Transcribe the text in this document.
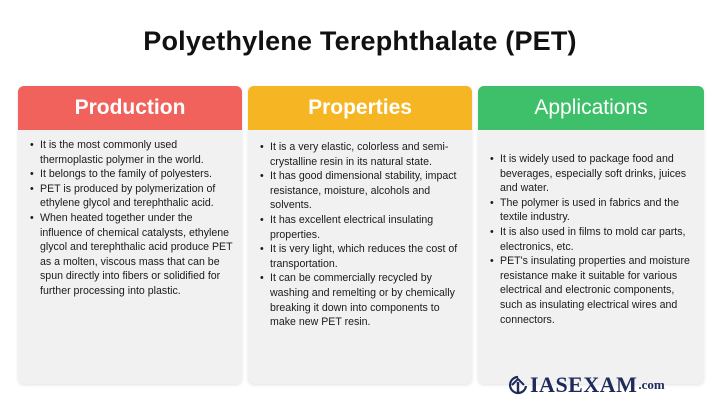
Polyethylene Terephthalate (PET)
Production
• It is the most commonly used thermoplastic polymer in the world.
• It belongs to the family of polyesters.
• PET is produced by polymerization of ethylene glycol and terephthalic acid.
• When heated together under the influence of chemical catalysts, ethylene glycol and terephthalic acid produce PET as a molten, viscous mass that can be spun directly into fibers or solidified for further processing into plastic.
Properties
• It is a very elastic, colorless and semi-crystalline resin in its natural state.
• It has good dimensional stability, impact resistance, moisture, alcohols and solvents.
• It has excellent electrical insulating properties.
• It is very light, which reduces the cost of transportation.
• It can be commercially recycled by washing and remelting or by chemically breaking it down into components to make new PET resin.
Applications
• It is widely used to package food and beverages, especially soft drinks, juices and water.
• The polymer is used in fabrics and the textile industry.
• It is also used in films to mold car parts, electronics, etc.
• PET's insulating properties and moisture resistance make it suitable for various electrical and electronic components, such as insulating electrical wires and connectors.
IASEXAM .com
